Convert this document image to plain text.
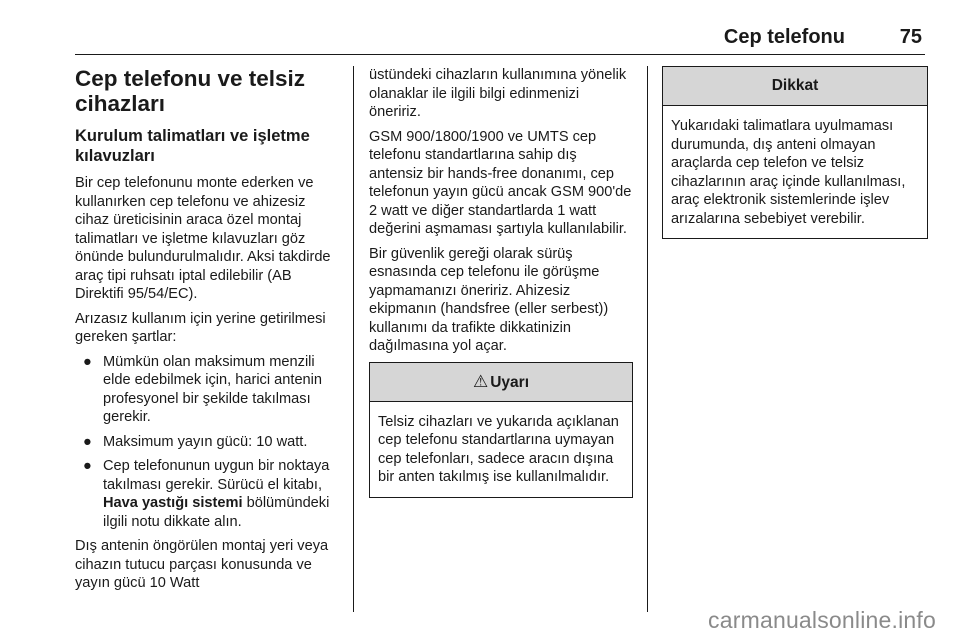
Cep telefonu	75
Cep telefonu ve telsiz cihazları
Kurulum talimatları ve işletme kılavuzları

Bir cep telefonunu monte ederken ve kullanırken cep telefonu ve ahizesiz cihaz üreticisinin araca özel montaj talimatları ve işletme kılavuzları göz önünde bulundurulmalıdır. Aksi takdirde araç tipi ruhsatı iptal edilebilir (AB Direktifi 95/54/EC).

Arızasız kullanım için yerine getirilmesi gereken şartlar:

● Mümkün olan maksimum menzili elde edebilmek için, harici antenin profesyonel bir şekilde takılması gerekir.
● Maksimum yayın gücü: 10 watt.
● Cep telefonunun uygun bir noktaya takılması gerekir. Sürücü el kitabı, Hava yastığı sistemi bölümündeki ilgili notu dikkate alın.

Dış antenin öngörülen montaj yeri veya cihazın tutucu parçası konusunda ve yayın gücü 10 Watt

üstündeki cihazların kullanımına yönelik olanaklar ile ilgili bilgi edinmenizi öneririz.

GSM 900/1800/1900 ve UMTS cep telefonu standartlarına sahip dış antensiz bir hands-free donanımı, cep telefonun yayın gücü ancak GSM 900'de 2 watt ve diğer standartlarda 1 watt değerini aşmaması şartıyla kullanılabilir.

Bir güvenlik gereği olarak sürüş esnasında cep telefonu ile görüşme yapmamanızı öneririz. Ahizesiz ekipmanın (handsfree (eller serbest)) kullanımı da trafikte dikkatinizin dağılmasına yol açar.

⚠ Uyarı
Telsiz cihazları ve yukarıda açıklanan cep telefonu standartlarına uymayan cep telefonları, sadece aracın dışına bir anten takılmış ise kullanılmalıdır.
Dikkat
Yukarıdaki talimatlara uyulmaması durumunda, dış anteni olmayan araçlarda cep telefon ve telsiz cihazlarının araç içinde kullanılması, araç elektronik sistemlerinde işlev arızalarına sebebiyet verebilir.
carmanualsonline.info
